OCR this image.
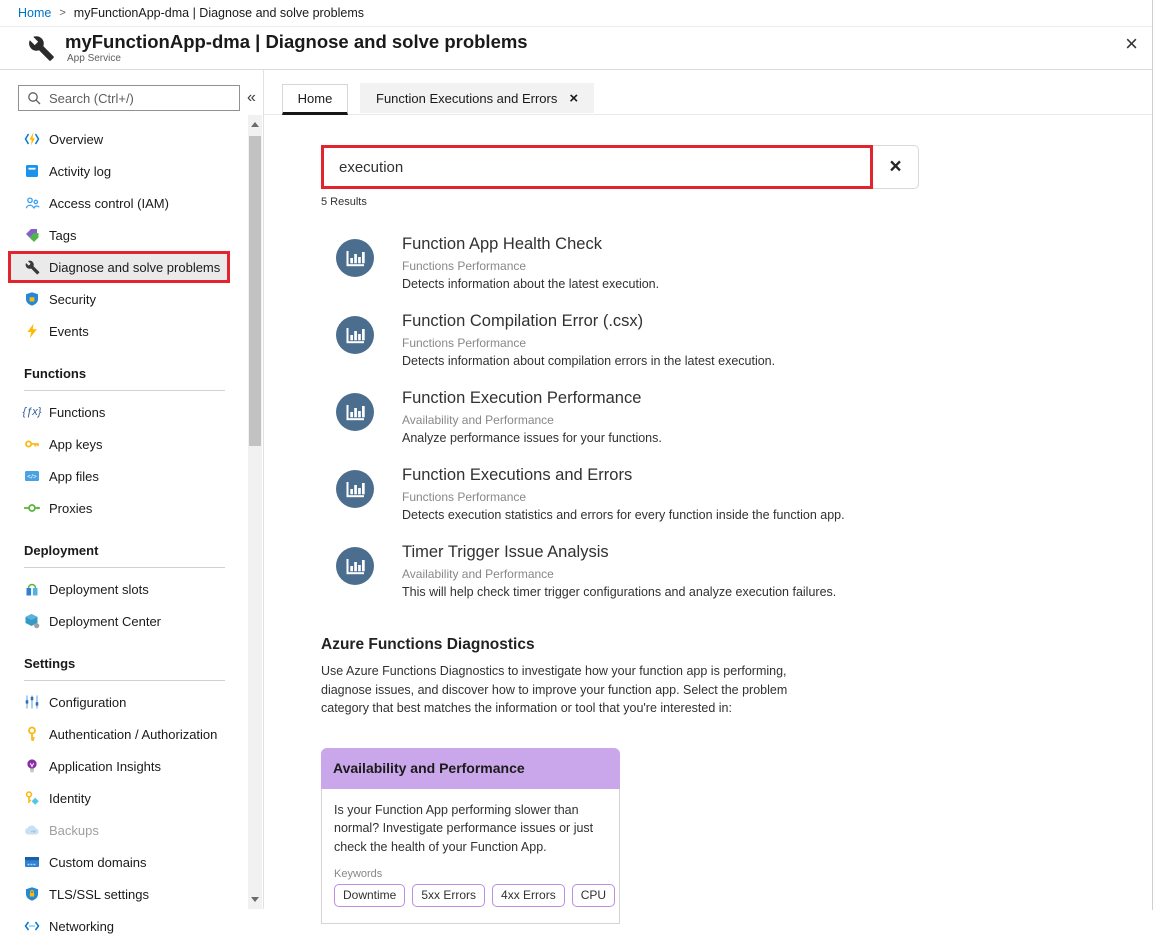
Home > myFunctionApp-dma | Diagnose and solve problems
myFunctionApp-dma | Diagnose and solve problems
App Service
×
Search (Ctrl+/)
«
Overview
Activity log
Access control (IAM)
Tags
Diagnose and solve problems
Security
Events
Functions
{ƒx} Functions
App keys
</> App files
Proxies
Deployment
Deployment slots
Deployment Center
Settings
Configuration
Authentication / Authorization
Application Insights
Identity
Backups
Custom domains
TLS/SSL settings
Networking
Home	Function Executions and Errors ×
execution
×
5 Results
Function App Health Check
Functions Performance
Detects information about the latest execution.
Function Compilation Error (.csx)
Functions Performance
Detects information about compilation errors in the latest execution.
Function Execution Performance
Availability and Performance
Analyze performance issues for your functions.
Function Executions and Errors
Functions Performance
Detects execution statistics and errors for every function inside the function app.
Timer Trigger Issue Analysis
Availability and Performance
This will help check timer trigger configurations and analyze execution failures.
Azure Functions Diagnostics
Use Azure Functions Diagnostics to investigate how your function app is performing, diagnose issues, and discover how to improve your function app. Select the problem category that best matches the information or tool that you're interested in:
Availability and Performance
Is your Function App performing slower than normal? Investigate performance issues or just check the health of your Function App.
Keywords
Downtime	5xx Errors	4xx Errors	CPU
